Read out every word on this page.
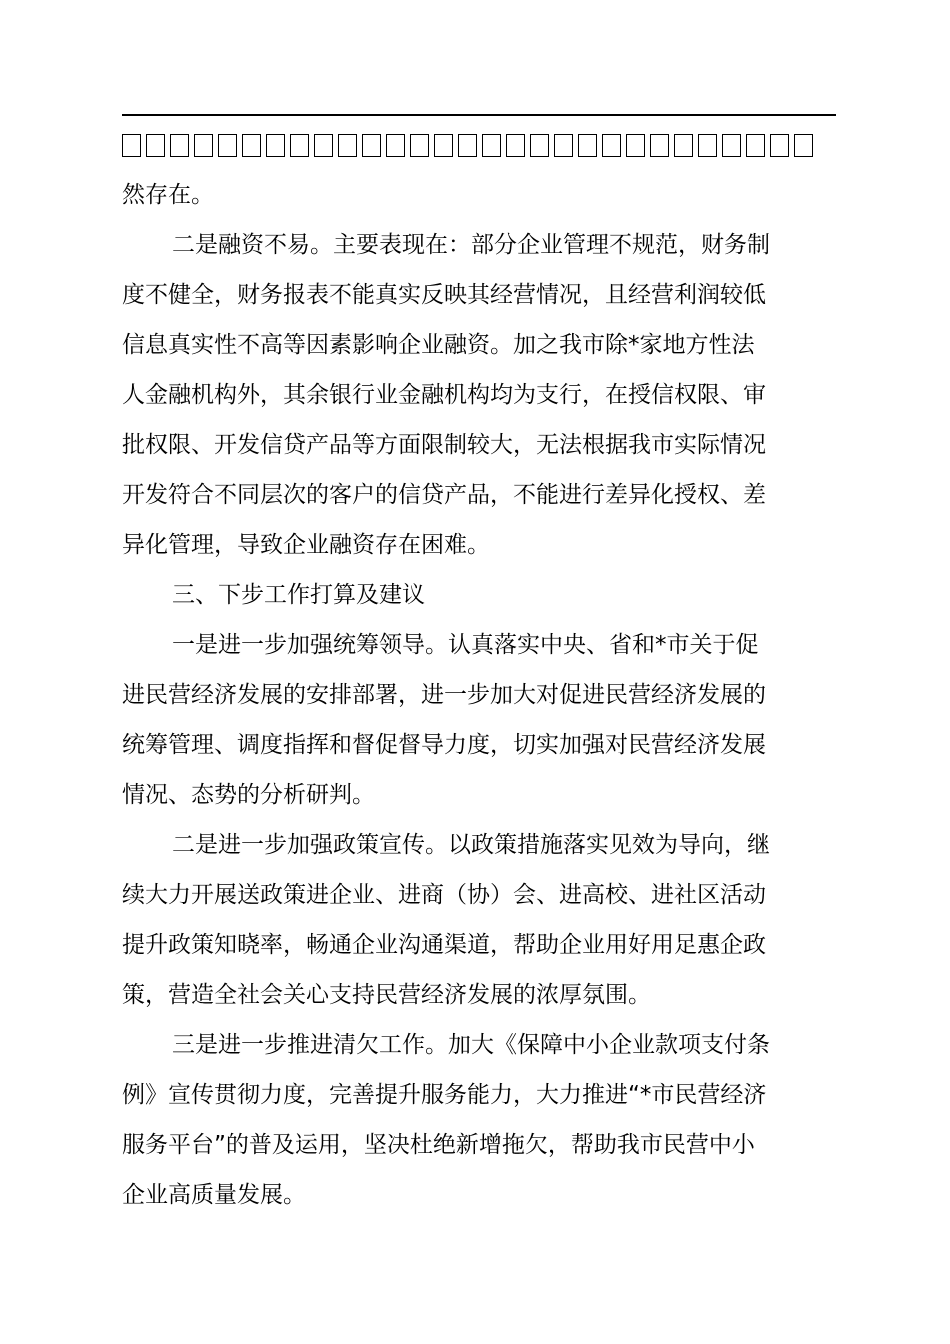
然存在。
二是融资不易。主要表现在：部分企业管理不规范，财务制
度不健全，财务报表不能真实反映其经营情况，且经营利润较低
信息真实性不高等因素影响企业融资。加之我市除*家地方性法
人金融机构外，其余银行业金融机构均为支行，在授信权限、审
批权限、开发信贷产品等方面限制较大，无法根据我市实际情况
开发符合不同层次的客户的信贷产品，不能进行差异化授权、差
异化管理，导致企业融资存在困难。
三、下步工作打算及建议
一是进一步加强统筹领导。认真落实中央、省和*市关于促
进民营经济发展的安排部署，进一步加大对促进民营经济发展的
统筹管理、调度指挥和督促督导力度，切实加强对民营经济发展
情况、态势的分析研判。
二是进一步加强政策宣传。以政策措施落实见效为导向，继
续大力开展送政策进企业、进商（协）会、进高校、进社区活动
提升政策知晓率，畅通企业沟通渠道，帮助企业用好用足惠企政
策，营造全社会关心支持民营经济发展的浓厚氛围。
三是进一步推进清欠工作。加大《保障中小企业款项支付条
例》宣传贯彻力度，完善提升服务能力，大力推进“*市民营经济
服务平台”的普及运用，坚决杜绝新增拖欠，帮助我市民营中小
企业高质量发展。
